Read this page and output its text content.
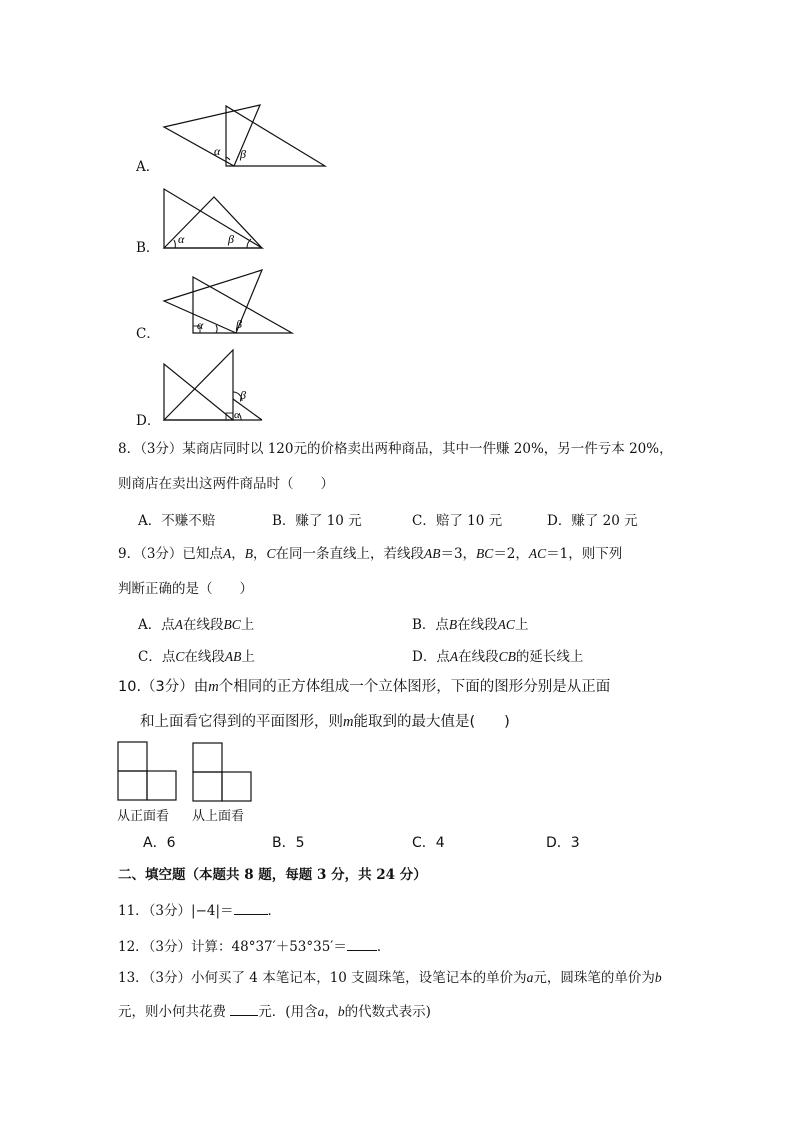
A．
α β
B．
α	β
C．
α	β
D．
β
α
8．（3分）某商店同时以 120元的价格卖出两种商品，其中一件赚 20%，另一件亏本 20%，
则商店在卖出这两件商品时（　　）
A．不赚不赔	B．赚了 10 元	C．赔了 10 元	D．赚了 20 元
9．（3分）已知点A，B，C在同一条直线上，若线段AB＝3，BC＝2，AC＝1，则下列
判断正确的是（　　）
A．点A在线段BC上	B．点B在线段AC上
C．点C在线段AB上	D．点A在线段CB的延长线上
10.（3分）由m个相同的正方体组成一个立体图形，下面的图形分别是从正面
和上面看它得到的平面图形，则m能取到的最大值是(　　)
从正面看 从上面看
A．6	B．5	C．4	D．3
二、填空题（本题共 8 题，每题 3 分，共 24 分）
11．（3分）|−4|＝	．
12．（3分）计算：48°37′＋53°35′＝ ．
13．（3分）小何买了 4 本笔记本，10 支圆珠笔，设笔记本的单价为a元，圆珠笔的单价为b
元，则小何共花费 元．(用含a，b的代数式表示)
